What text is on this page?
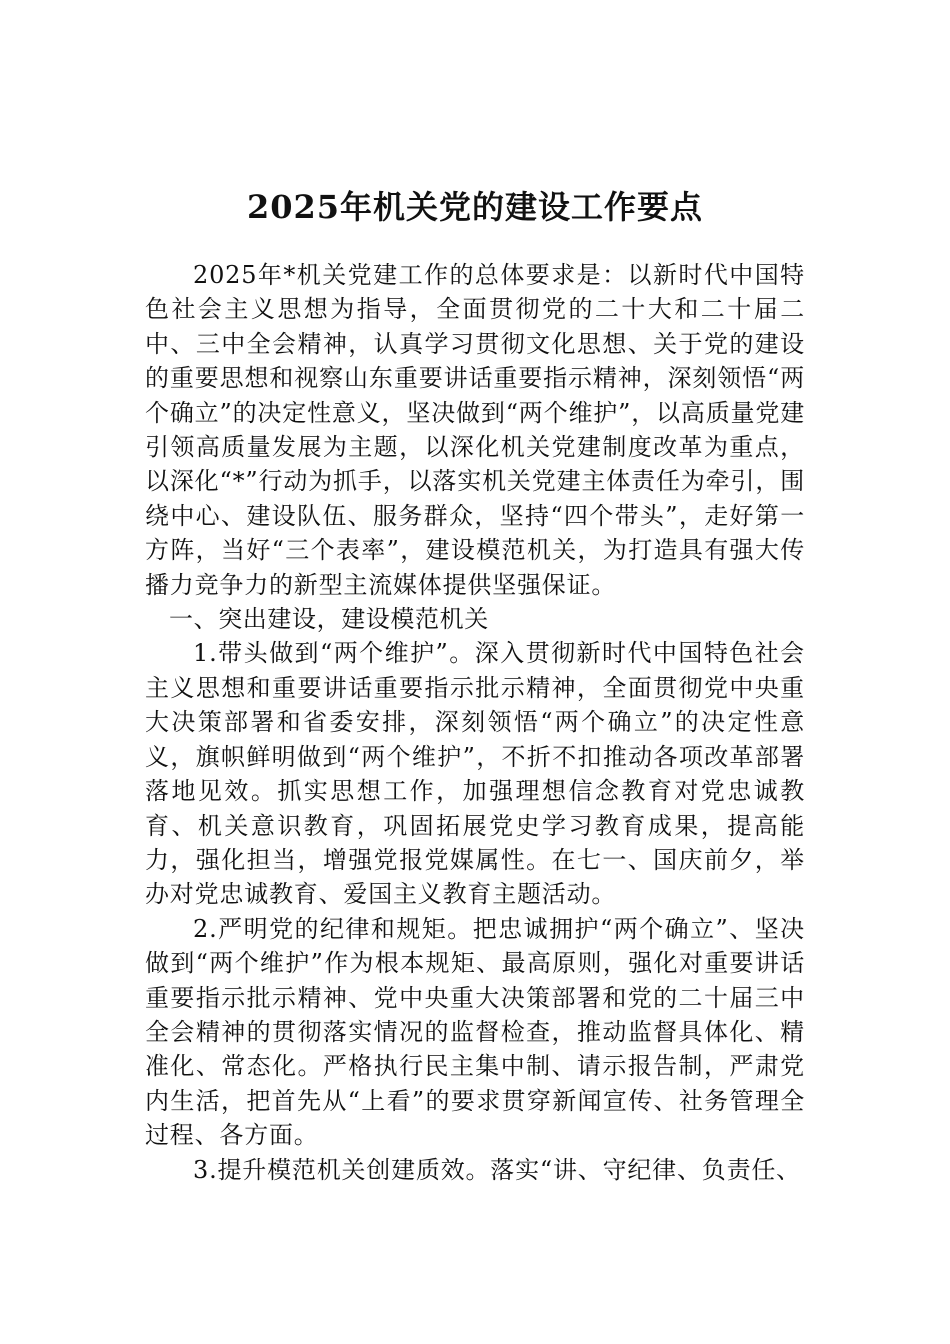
2025年机关党的建设工作要点

2025年*机关党建工作的总体要求是：以新时代中国特色社会主义思想为指导，全面贯彻党的二十大和二十届二中、三中全会精神，认真学习贯彻文化思想、关于党的建设的重要思想和视察山东重要讲话重要指示精神，深刻领悟“两个确立”的决定性意义，坚决做到“两个维护”，以高质量党建引领高质量发展为主题，以深化机关党建制度改革为重点，以深化“*”行动为抓手，以落实机关党建主体责任为牵引，围绕中心、建设队伍、服务群众，坚持“四个带头”，走好第一方阵，当好“三个表率”，建设模范机关，为打造具有强大传播力竞争力的新型主流媒体提供坚强保证。

一、突出建设，建设模范机关

1.带头做到“两个维护”。深入贯彻新时代中国特色社会主义思想和重要讲话重要指示批示精神，全面贯彻党中央重大决策部署和省委安排，深刻领悟“两个确立”的决定性意义，旗帜鲜明做到“两个维护”，不折不扣推动各项改革部署落地见效。抓实思想工作，加强理想信念教育对党忠诚教育、机关意识教育，巩固拓展党史学习教育成果，提高能力，强化担当，增强党报党媒属性。在七一、国庆前夕，举办对党忠诚教育、爱国主义教育主题活动。

2.严明党的纪律和规矩。把忠诚拥护“两个确立”、坚决做到“两个维护”作为根本规矩、最高原则，强化对重要讲话重要指示批示精神、党中央重大决策部署和党的二十届三中全会精神的贯彻落实情况的监督检查，推动监督具体化、精准化、常态化。严格执行民主集中制、请示报告制，严肃党内生活，把首先从“上看”的要求贯穿新闻宣传、社务管理全过程、各方面。

3.提升模范机关创建质效。落实“讲、守纪律、负责任、
